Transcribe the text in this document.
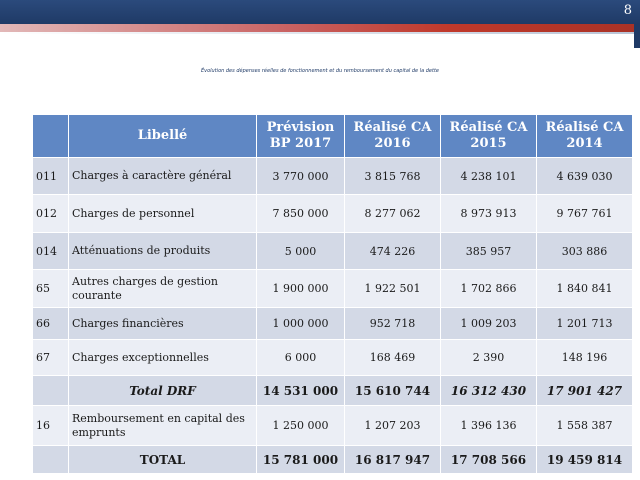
8
Évolution des dépenses réelles de fonctionnement et du remboursement du capital de la dette
	Libellé	Prévision BP 2017	Réalisé CA 2016	Réalisé CA 2015	Réalisé CA 2014
011	Charges à caractère général	3 770 000	3 815 768	4 238 101	4 639 030
012	Charges de personnel	7 850 000	8 277 062	8 973 913	9 767 761
014	Atténuations de produits	5 000	474 226	385 957	303 886
65	Autres charges de gestion courante	1 900 000	1 922 501	1 702 866	1 840 841
66	Charges financières	1 000 000	952 718	1 009 203	1 201 713
67	Charges exceptionnelles	6 000	168 469	2 390	148 196
	Total DRF	14 531 000	15 610 744	16 312 430	17 901 427
16	Remboursement en capital des emprunts	1 250 000	1 207 203	1 396 136	1 558 387
	TOTAL	15 781 000	16 817 947	17 708 566	19 459 814
